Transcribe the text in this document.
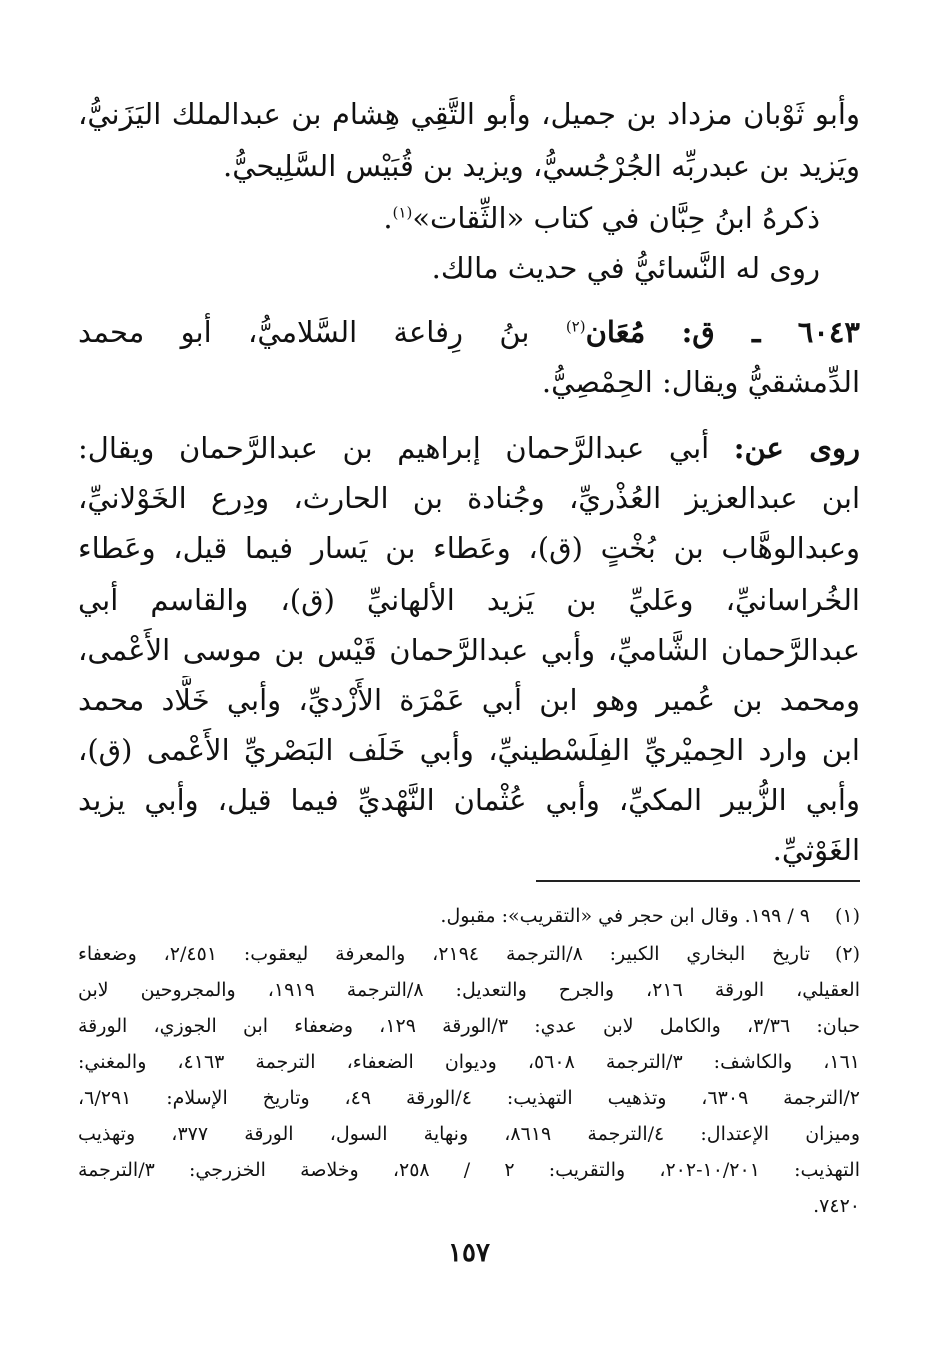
وأبو ثَوْبان مزداد بن جميل، وأبو التَّقِي هِشام بن عبدالملك اليَزَنيُّ،
ويَزيد بن عبدربِّه الجُرْجُسيُّ، ويزيد بن قُبَيْس السَّلِيحيُّ.
ذكرهُ ابنُ حِبَّان في كتاب «الثِّقات»$^{(١)}$.
روى له النَّسائيُّ في حديث مالك.
٦٠٤٣ ـ ق: مُعَان$^{(٢)}$ بنُ رِفاعة السَّلاميُّ، أبو محمد
الدِّمشقيُّ ويقال: الحِمْصِيُّ.
روى عن: أبي عبدالرَّحمان إبراهيم بن عبدالرَّحمان ويقال:
ابن عبدالعزيز العُذْريِّ، وجُنادة بن الحارث، ودِرع الخَوْلانيِّ،
وعبدالوهَّاب بن بُخْتٍ (ق)، وعَطاء بن يَسار فيما قيل، وعَطاء
الخُراسانيِّ، وعَليِّ بن يَزيد الألهانيِّ (ق)، والقاسم أبي
عبدالرَّحمان الشَّاميِّ، وأبي عبدالرَّحمان قَيْس بن موسى الأَعْمى،
ومحمد بن عُمير وهو ابن أبي عَمْرَة الأَزْديِّ، وأبي خَلَّاد محمد
ابن وارد الحِميْريِّ الفِلَسْطينيِّ، وأبي خَلَف البَصْريِّ الأَعْمى (ق)،
وأبي الزُّبير المكيِّ، وأبي عُثْمان النَّهْديِّ فيما قيل، وأبي يزيد
الغَوْثيِّ.
(١)
٩ / ١٩٩. وقال ابن حجر في «التقريب»: مقبول.
(٢)
تاريخ البخاري الكبير: ٨/الترجمة ٢١٩٤، والمعرفة ليعقوب: ٢/٤٥١، وضعفاء
العقيلي، الورقة ٢١٦، والجرح والتعديل: ٨/الترجمة ١٩١٩، والمجروحين لابن
حبان: ٣/٣٦، والكامل لابن عدي: ٣/الورقة ١٢٩، وضعفاء ابن الجوزي، الورقة
١٦١، والكاشف: ٣/الترجمة ٥٦٠٨، وديوان الضعفاء، الترجمة ٤١٦٣، والمغني:
٢/الترجمة ٦٣٠٩، وتذهيب التهذيب: ٤/الورقة ٤٩، وتاريخ الإسلام: ٦/٢٩١،
وميزان الإعتدال: ٤/الترجمة ٨٦١٩، ونهاية السول، الورقة ٣٧٧، وتهذيب
التهذيب: ١٠/٢٠١-٢٠٢، والتقريب: ٢ / ٢٥٨، وخلاصة الخزرجي: ٣/الترجمة
٧٤٢٠.
١٥٧
